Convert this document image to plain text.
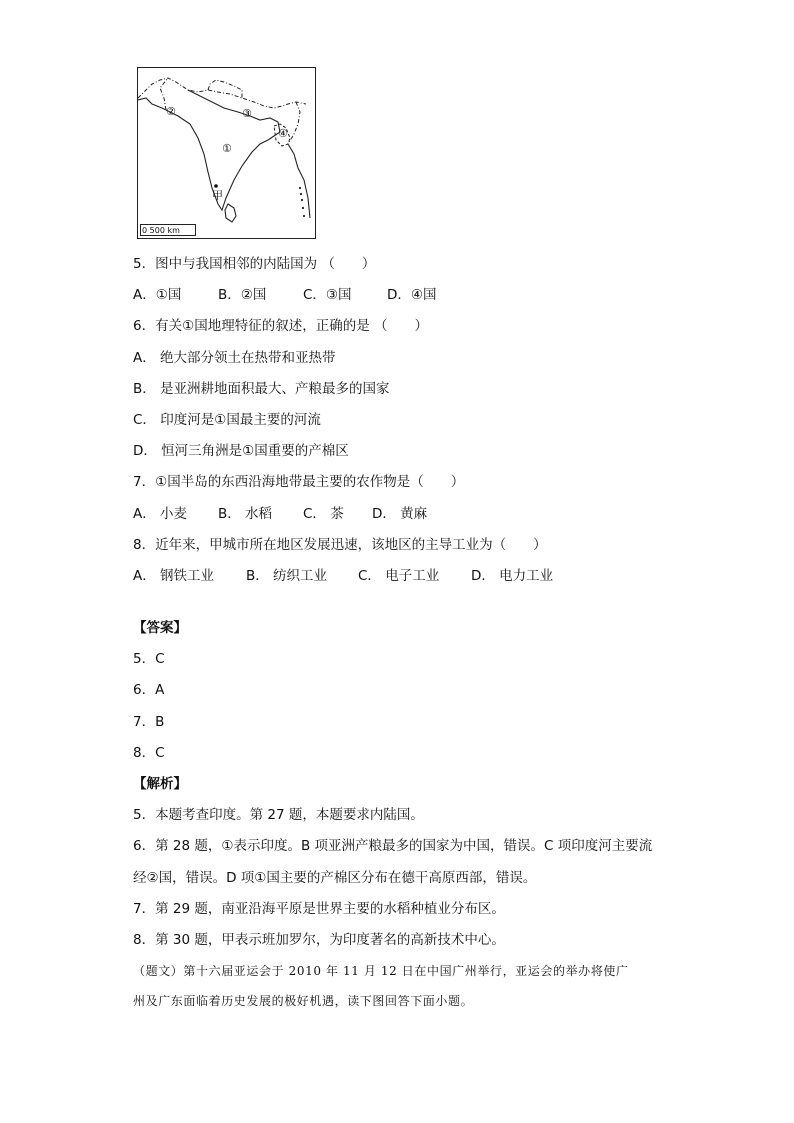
①
②	③
④
甲
0 500 km
5．图中与我国相邻的内陆国为 （　　）
A．①国	B．②国	C．③国	D．④国
6．有关①国地理特征的叙述，正确的是 （　　）
A． 绝大部分领土在热带和亚热带
B． 是亚洲耕地面积最大、产粮最多的国家
C． 印度河是①国最主要的河流
D． 恒河三角洲是①国重要的产棉区
7．①国半岛的东西沿海地带最主要的农作物是（　　）
A． 小麦 B． 水稻 C． 茶 D． 黄麻
8．近年来，甲城市所在地区发展迅速，该地区的主导工业为（　　）
A． 钢铁工业 B． 纺织工业 C． 电子工业 D． 电力工业
【答案】
5．C
6．A
7．B
8．C
【解析】
5．本题考查印度。第 27 题，本题要求内陆国。
6．第 28 题，①表示印度。B 项亚洲产粮最多的国家为中国，错误。C 项印度河主要流
经②国，错误。D 项①国主要的产棉区分布在德干高原西部，错误。
7．第 29 题，南亚沿海平原是世界主要的水稻种植业分布区。
8．第 30 题，甲表示班加罗尔，为印度著名的高新技术中心。
（题文）第十六届亚运会于 2010 年 11 月 12 日在中国广州举行，亚运会的举办将使广
州及广东面临着历史发展的极好机遇，读下图回答下面小题。
